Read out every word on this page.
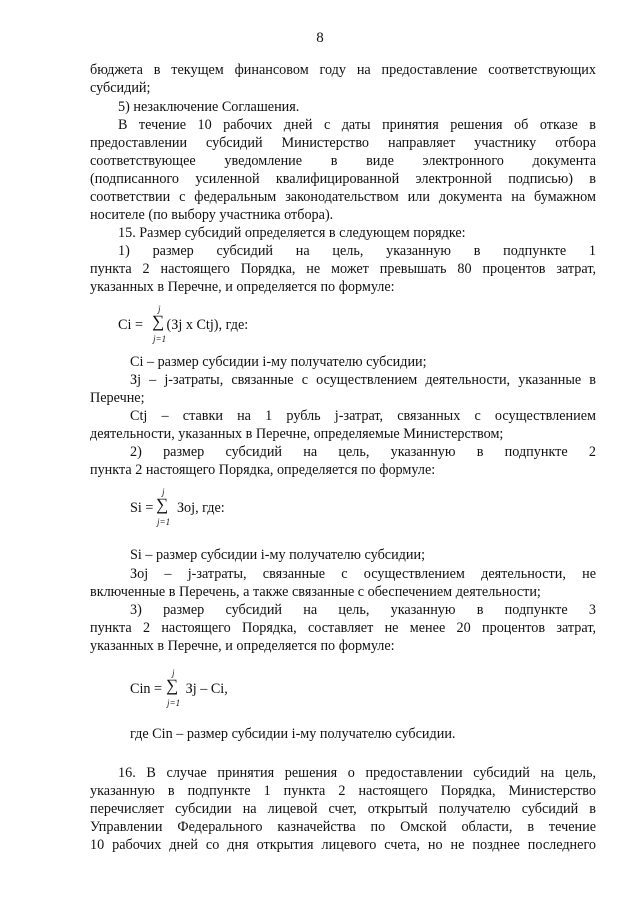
8
бюджета в текущем финансовом году на предоставление соответствующих
субсидий;
5) незаключение Соглашения.
В течение 10 рабочих дней с даты принятия решения об отказе в
предоставлении субсидий Министерство направляет участнику отбора
соответствующее уведомление в виде электронного документа
(подписанного усиленной квалифицированной электронной подписью) в
соответствии с федеральным законодательством или документа на бумажном
носителе (по выбору участника отбора).
15. Размер субсидий определяется в следующем порядке:
1) размер субсидий на цель, указанную в подпункте 1
пункта 2 настоящего Порядка, не может превышать 80 процентов затрат,
указанных в Перечне, и определяется по формуле:
Ci = (Зj x Ctj), где:
∑
j
j=1
Ci – размер субсидии i-му получателю субсидии;
Зj – j-затраты, связанные с осуществлением деятельности, указанные в
Перечне;
Ctj – ставки на 1 рубль j-затрат, связанных с осуществлением
деятельности, указанных в Перечне, определяемые Министерством;
2) размер субсидий на цель, указанную в подпункте 2
пункта 2 настоящего Порядка, определяется по формуле:
Si = Зoj, где:
∑
j
j=1
Si – размер субсидии i-му получателю субсидии;
Зoj – j-затраты, связанные с осуществлением деятельности, не
включенные в Перечень, а также связанные с обеспечением деятельности;
3) размер субсидий на цель, указанную в подпункте 3
пункта 2 настоящего Порядка, составляет не менее 20 процентов затрат,
указанных в Перечне, и определяется по формуле:
Cin = Зj – Ci,
∑
j
j=1
где Cin – размер субсидии i-му получателю субсидии.
16. В случае принятия решения о предоставлении субсидий на цель,
указанную в подпункте 1 пункта 2 настоящего Порядка, Министерство
перечисляет субсидии на лицевой счет, открытый получателю субсидий в
Управлении Федерального казначейства по Омской области, в течение
10 рабочих дней со дня открытия лицевого счета, но не позднее последнего
